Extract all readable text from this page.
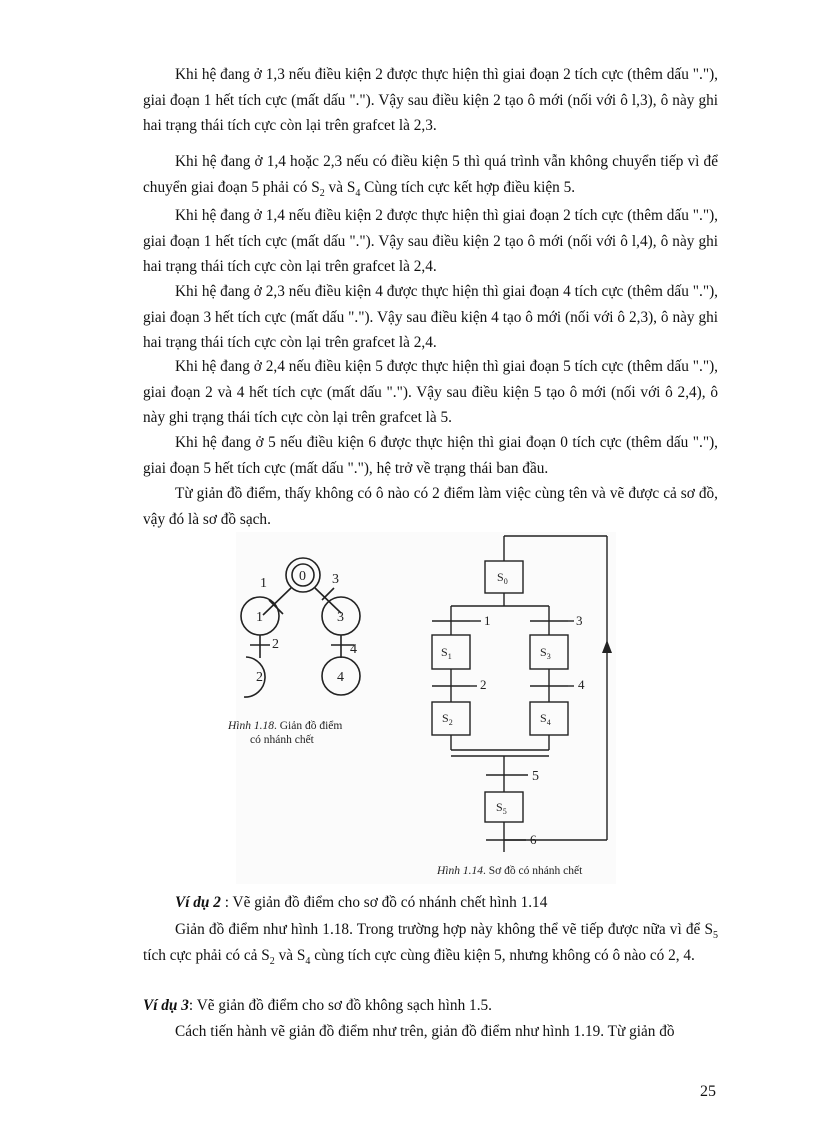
Khi hệ đang ở 1,3 nếu điều kiện 2 được thực hiện thì giai đoạn 2 tích cực (thêm dấu "."), giai đoạn 1 hết tích cực (mất dấu "."). Vậy sau điều kiện 2 tạo ô mới (nối với ô l,3), ô này ghi hai trạng thái tích cực còn lại trên grafcet là 2,3.

Khi hệ đang ở 1,4 hoặc 2,3 nếu có điều kiện 5 thì quá trình vẫn không chuyển tiếp vì để chuyển giai đoạn 5 phải có $S_2$ và $S_4$ Cùng tích cực kết hợp điều kiện 5.

Khi hệ đang ở 1,4 nếu điều kiện 2 được thực hiện thì giai đoạn 2 tích cực (thêm dấu "."), giai đoạn 1 hết tích cực (mất dấu "."). Vậy sau điều kiện 2 tạo ô mới (nối với ô l,4), ô này ghi hai trạng thái tích cực còn lại trên grafcet là 2,4.

Khi hệ đang ở 2,3 nếu điều kiện 4 được thực hiện thì giai đoạn 4 tích cực (thêm dấu "."), giai đoạn 3 hết tích cực (mất dấu "."). Vậy sau điều kiện 4 tạo ô mới (nối với ô 2,3), ô này ghi hai trạng thái tích cực còn lại trên grafcet là 2,4.

Khi hệ đang ở 2,4 nếu điều kiện 5 được thực hiện thì giai đoạn 5 tích cực (thêm dấu "."), giai đoạn 2 và 4 hết tích cực (mất dấu "."). Vậy sau điều kiện 5 tạo ô mới (nối với ô 2,4), ô này ghi trạng thái tích cực còn lại trên grafcet là 5.

Khi hệ đang ở 5 nếu điều kiện 6 được thực hiện thì giai đoạn 0 tích cực (thêm dấu "."), giai đoạn 5 hết tích cực (mất dấu "."), hệ trở về trạng thái ban đầu.

Từ giản đồ điểm, thấy không có ô nào có 2 điểm làm việc cùng tên và vẽ được cả sơ đồ, vậy đó là sơ đồ sạch.

0
1	3
2	4
1	3
2	4
$S_0$
$S_1$	$S_3$
$S_2$	$S_4$
$S_5$
1	3
2	4
5
6
Hình 1.18. Giản đồ điểm
có nhánh chết
Hình 1.14. Sơ đồ có nhánh chết

Ví dụ 2 : Vẽ giản đồ điểm cho sơ đồ có nhánh chết hình 1.14

Giản đồ điểm như hình 1.18. Trong trường hợp này không thể vẽ tiếp được nữa vì để $S_5$ tích cực phải có cả $S_2$ và $S_4$ cùng tích cực cùng điều kiện 5, nhưng không có ô nào có 2, 4.

Ví dụ 3: Vẽ giản đồ điểm cho sơ đồ không sạch hình 1.5.

Cách tiến hành vẽ giản đồ điểm như trên, giản đồ điểm như hình 1.19. Từ giản đồ

25
